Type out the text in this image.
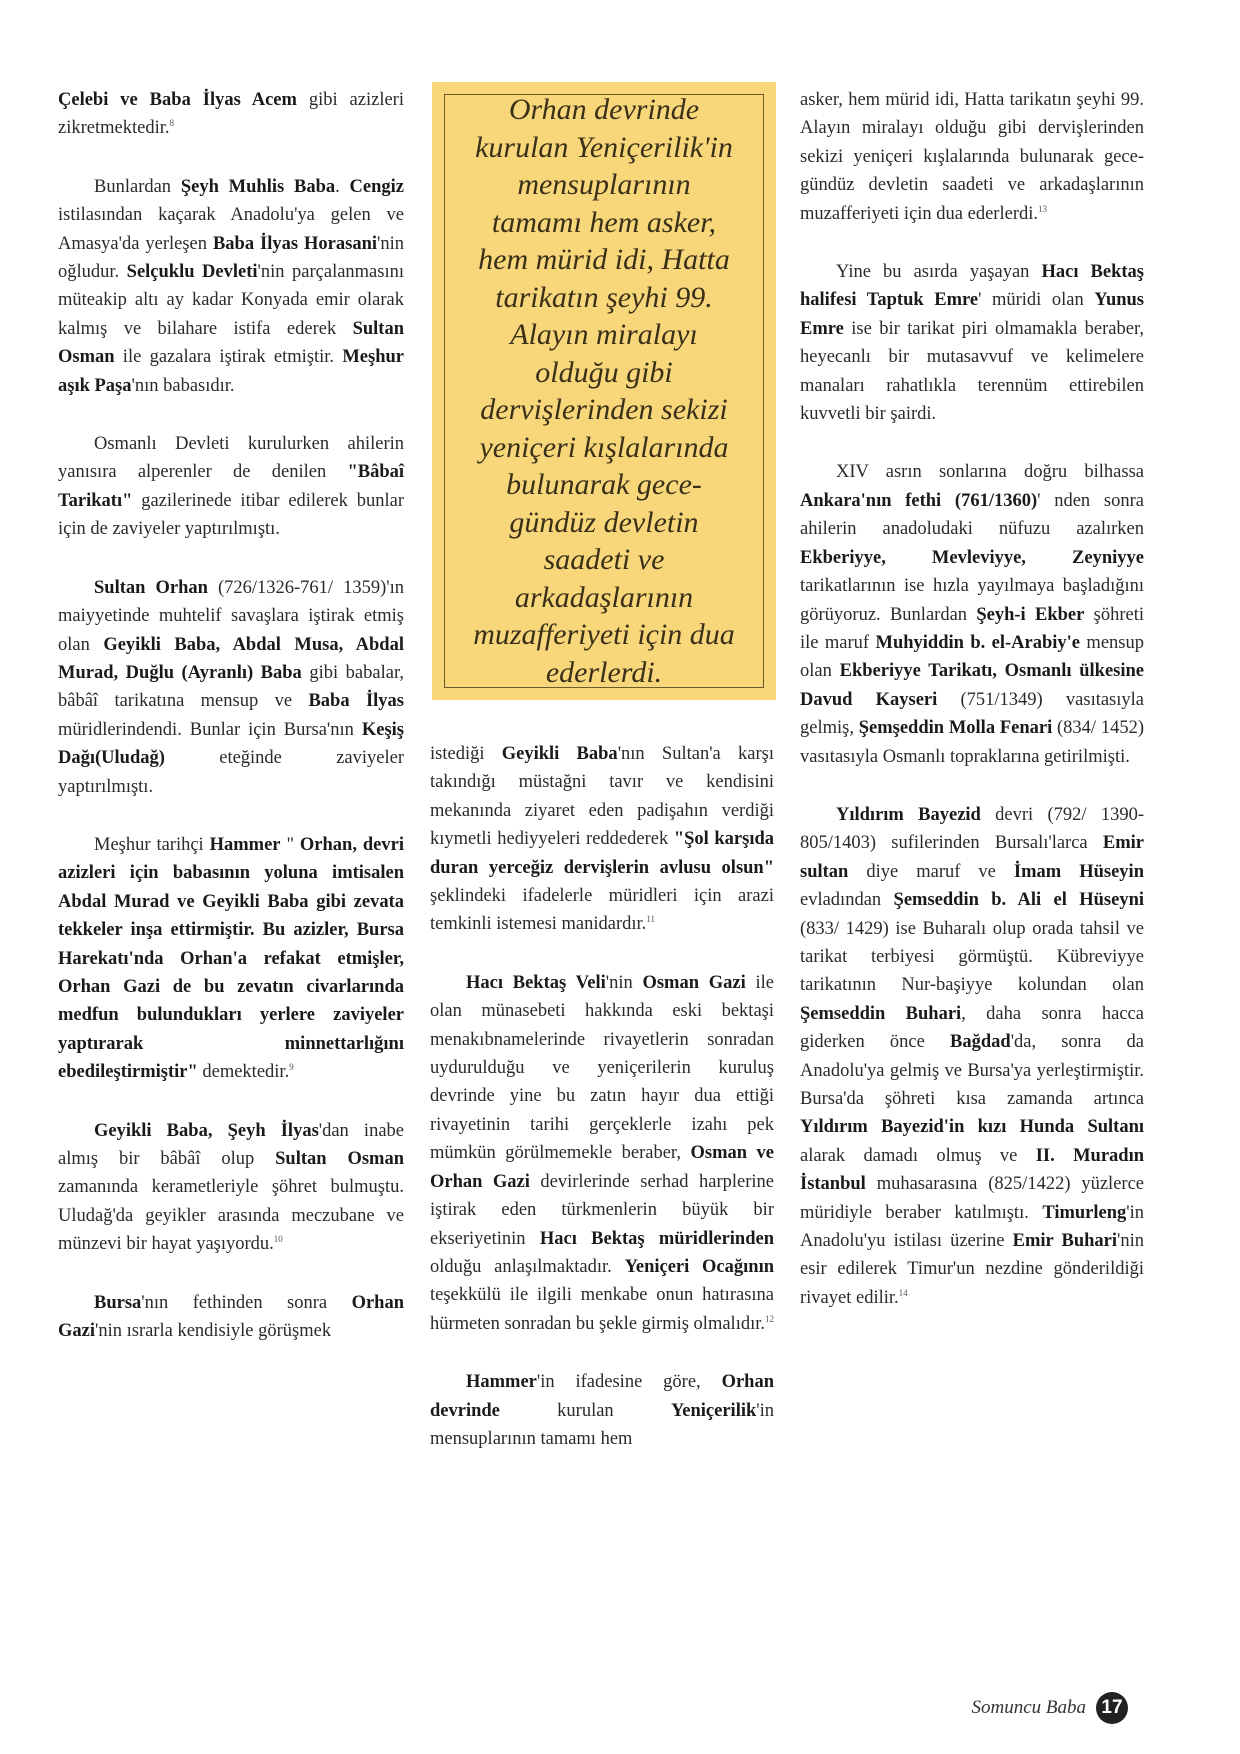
Çelebi ve Baba İlyas Acem gibi azizleri zikretmektedir.$^8$

Bunlardan Şeyh Muhlis Baba. Cengiz istilasından kaçarak Anadolu'ya gelen ve Amasya'da yerleşen Baba İlyas Horasani'nin oğludur. Selçuklu Devleti'nin parçalanmasını müteakip altı ay kadar Konyada emir olarak kalmış ve bilahare istifa ederek Sultan Osman ile gazalara iştirak etmiştir. Meşhur aşık Paşa'nın babasıdır.

Osmanlı Devleti kurulurken ahilerin yanısıra alperenler de denilen "Bâbaî Tarikatı" gazilerinede itibar edilerek bunlar için de zaviyeler yaptırılmıştı.

Sultan Orhan (726/1326-761/ 1359)'ın maiyyetinde muhtelif savaşlara iştirak etmiş olan Geyikli Baba, Abdal Musa, Abdal Murad, Duğlu (Ayranlı) Baba gibi babalar, bâbâî tarikatına mensup ve Baba İlyas müridlerindendi. Bunlar için Bursa'nın Keşiş Dağı(Uludağ) eteğinde zaviyeler yaptırılmıştı.

Meşhur tarihçi Hammer " Orhan, devri azizleri için babasının yoluna imtisalen Abdal Murad ve Geyikli Baba gibi zevata tekkeler inşa ettirmiştir. Bu azizler, Bursa Harekatı'nda Orhan'a refakat etmişler, Orhan Gazi de bu zevatın civarlarında medfun bulundukları yerlere zaviyeler yaptırarak minnettarlığını ebedileştirmiştir" demektedir.$^9$

Geyikli Baba, Şeyh İlyas'dan inabe almış bir bâbâî olup Sultan Osman zamanında kerametleriyle şöhret bulmuştu. Uludağ'da geyikler arasında meczubane ve münzevi bir hayat yaşıyordu.$^{10}$

Bursa'nın fethinden sonra Orhan Gazi'nin ısrarla kendisiyle görüşmek

Orhan devrinde kurulan Yeniçerilik'in mensuplarının tamamı hem asker, hem mürid idi, Hatta tarikatın şeyhi 99. Alayın miralayı olduğu gibi dervişlerinden sekizi yeniçeri kışlalarında bulunarak gece-gündüz devletin saadeti ve arkadaşlarının muzafferiyeti için dua ederlerdi.

istediği Geyikli Baba'nın Sultan'a karşı takındığı müstağni tavır ve kendisini mekanında ziyaret eden padişahın verdiği kıymetli hediyyeleri reddederek "Şol karşıda duran yerceğiz dervişlerin avlusu olsun" şeklindeki ifadelerle müridleri için arazi temkinli istemesi manidardır.$^{11}$

Hacı Bektaş Veli'nin Osman Gazi ile olan münasebeti hakkında eski bektaşi menakıbnamelerinde rivayetlerin sonradan uydurulduğu ve yeniçerilerin kuruluş devrinde yine bu zatın hayır dua ettiği rivayetinin tarihi gerçeklerle izahı pek mümkün görülmemekle beraber, Osman ve Orhan Gazi devirlerinde serhad harplerine iştirak eden türkmenlerin büyük bir ekseriyetinin Hacı Bektaş müridlerinden olduğu anlaşılmaktadır. Yeniçeri Ocağının teşekkülü ile ilgili menkabe onun hatırasına hürmeten sonradan bu şekle girmiş olmalıdır.$^{12}$

Hammer'in ifadesine göre, Orhan devrinde kurulan Yeniçerilik'in mensuplarının tamamı hem

asker, hem mürid idi, Hatta tarikatın şeyhi 99. Alayın miralayı olduğu gibi dervişlerinden sekizi yeniçeri kışlalarında bulunarak gece-gündüz devletin saadeti ve arkadaşlarının muzafferiyeti için dua ederlerdi.$^{13}$

Yine bu asırda yaşayan Hacı Bektaş halifesi Taptuk Emre' müridi olan Yunus Emre ise bir tarikat piri olmamakla beraber, heyecanlı bir mutasavvuf ve kelimelere manaları rahatlıkla terennüm ettirebilen kuvvetli bir şairdi.

XIV asrın sonlarına doğru bilhassa Ankara'nın fethi (761/1360)' nden sonra ahilerin anadoludaki nüfuzu azalırken Ekberiyye, Mevleviyye, Zeyniyye tarikatlarının ise hızla yayılmaya başladığını görüyoruz. Bunlardan Şeyh-i Ekber şöhreti ile maruf Muhyiddin b. el-Arabiy'e mensup olan Ekberiyye Tarikatı, Osmanlı ülkesine Davud Kayseri (751/1349) vasıtasıyla gelmiş, Şemşeddin Molla Fenari (834/ 1452) vasıtasıyla Osmanlı topraklarına getirilmişti.

Yıldırım Bayezid devri (792/ 1390-805/1403) sufilerinden Bursalı'larca Emir sultan diye maruf ve İmam Hüseyin evladından Şemseddin b. Ali el Hüseyni (833/ 1429) ise Buharalı olup orada tahsil ve tarikat terbiyesi görmüştü. Kübreviyye tarikatının Nur-başiyye kolundan olan Şemseddin Buhari, daha sonra hacca giderken önce Bağdad'da, sonra da Anadolu'ya gelmiş ve Bursa'ya yerleştirmiştir. Bursa'da şöhreti kısa zamanda artınca Yıldırım Bayezid'in kızı Hunda Sultanı alarak damadı olmuş ve II. Muradın İstanbul muhasarasına (825/1422) yüzlerce müridiyle beraber katılmıştı. Timurleng'in Anadolu'yu istilası üzerine Emir Buhari'nin esir edilerek Timur'un nezdine gönderildiği rivayet edilir.$^{14}$

Somuncu Baba 17
